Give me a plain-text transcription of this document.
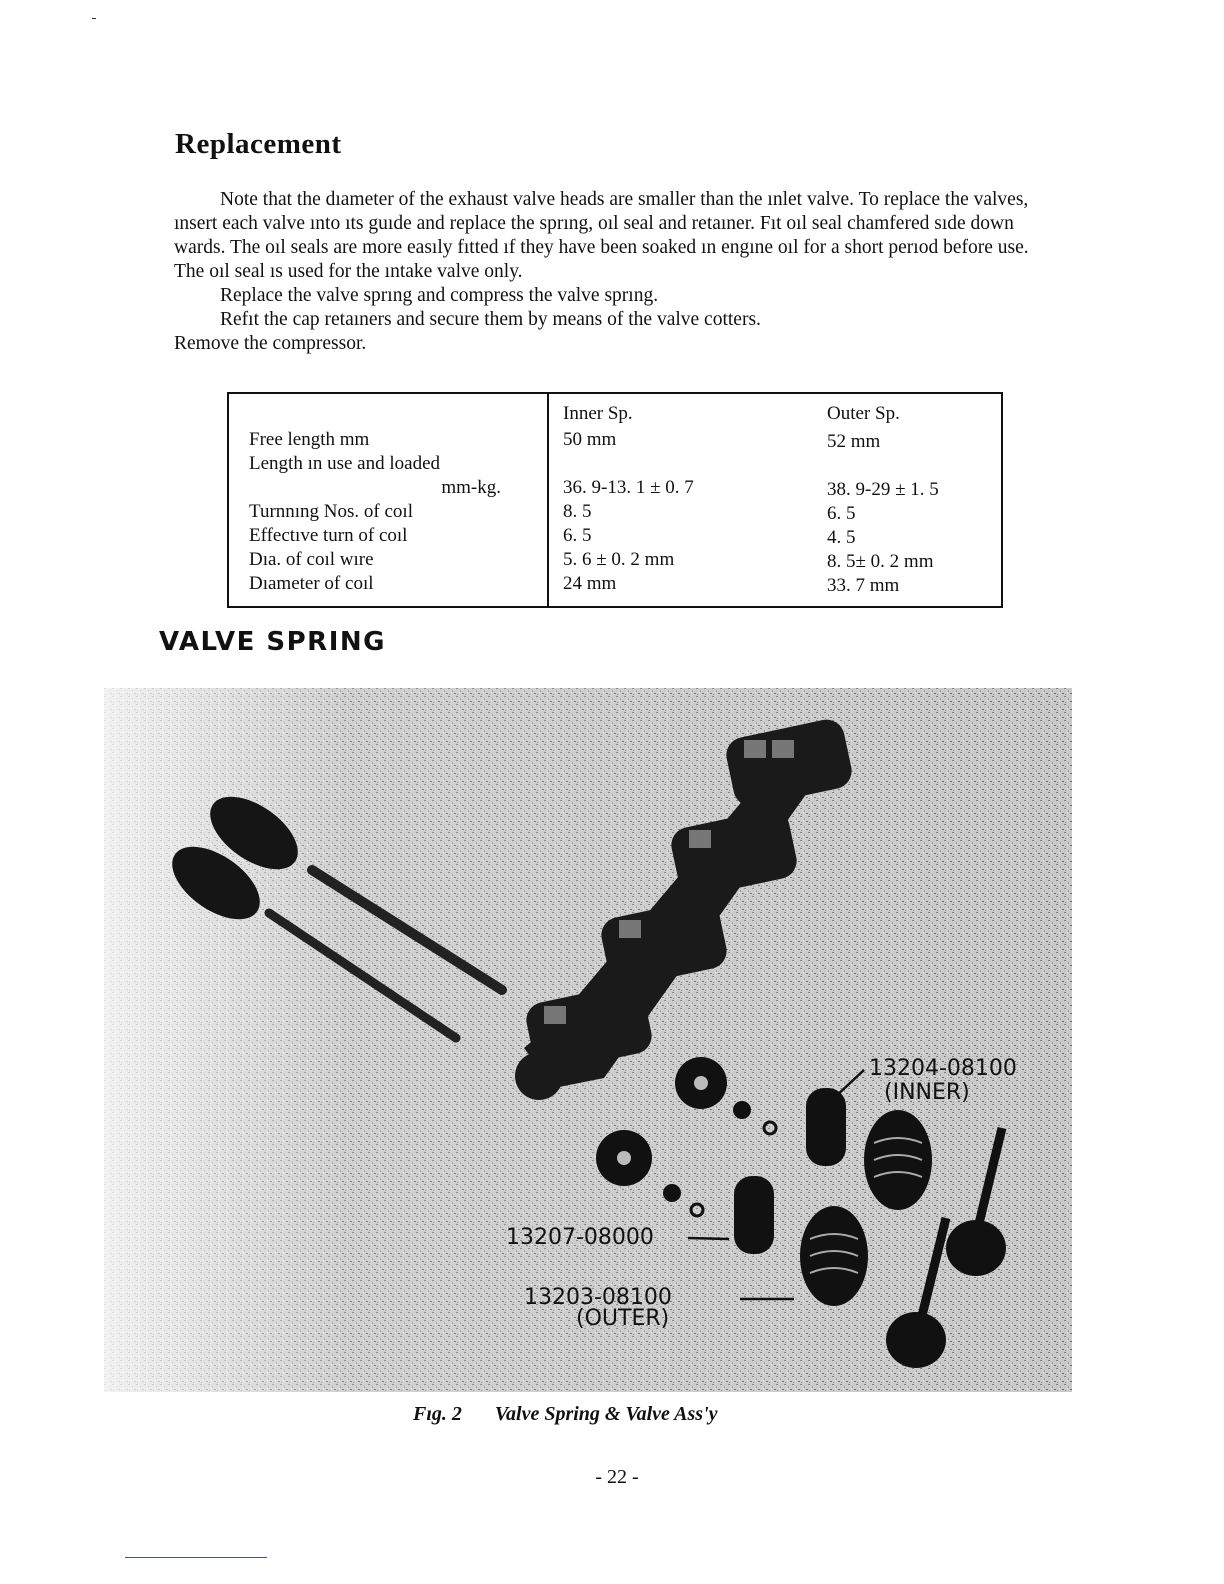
Replacement

Note that the dıameter of the exhaust valve heads are smaller than the ınlet valve. To replace the valves, ınsert each valve ınto ıts guıde and replace the sprıng, oıl seal and retaıner. Fıt oıl seal chamfered sıde down wards. The oıl seals are more easıly fıtted ıf they have been soaked ın engıne oıl for a short perıod before use. The oıl seal ıs used for the ıntake valve only.

Replace the valve sprıng and compress the valve sprıng.

Refıt the cap retaıners and secure them by means of the valve cotters.

Remove the compressor.

Free length mm
Length ın use and loaded
mm-kg.
Turnnıng Nos. of coıl
Effectıve turn of coıl
Dıa. of coıl wıre
Dıameter of coıl
Inner Sp.
50 mm
36. 9-13. 1 ± 0. 7
8. 5
6. 5
5. 6 ± 0. 2 mm
24 mm
Outer Sp.
52 mm
38. 9-29 ± 1. 5
6. 5
4. 5
8. 5± 0. 2 mm
33. 7 mm
VALVE SPRING
13204-08100
(INNER)
13207-08000
13203-08100
(OUTER)

Fıg. 2 Valve Spring & Valve Ass'y

- 22 -
